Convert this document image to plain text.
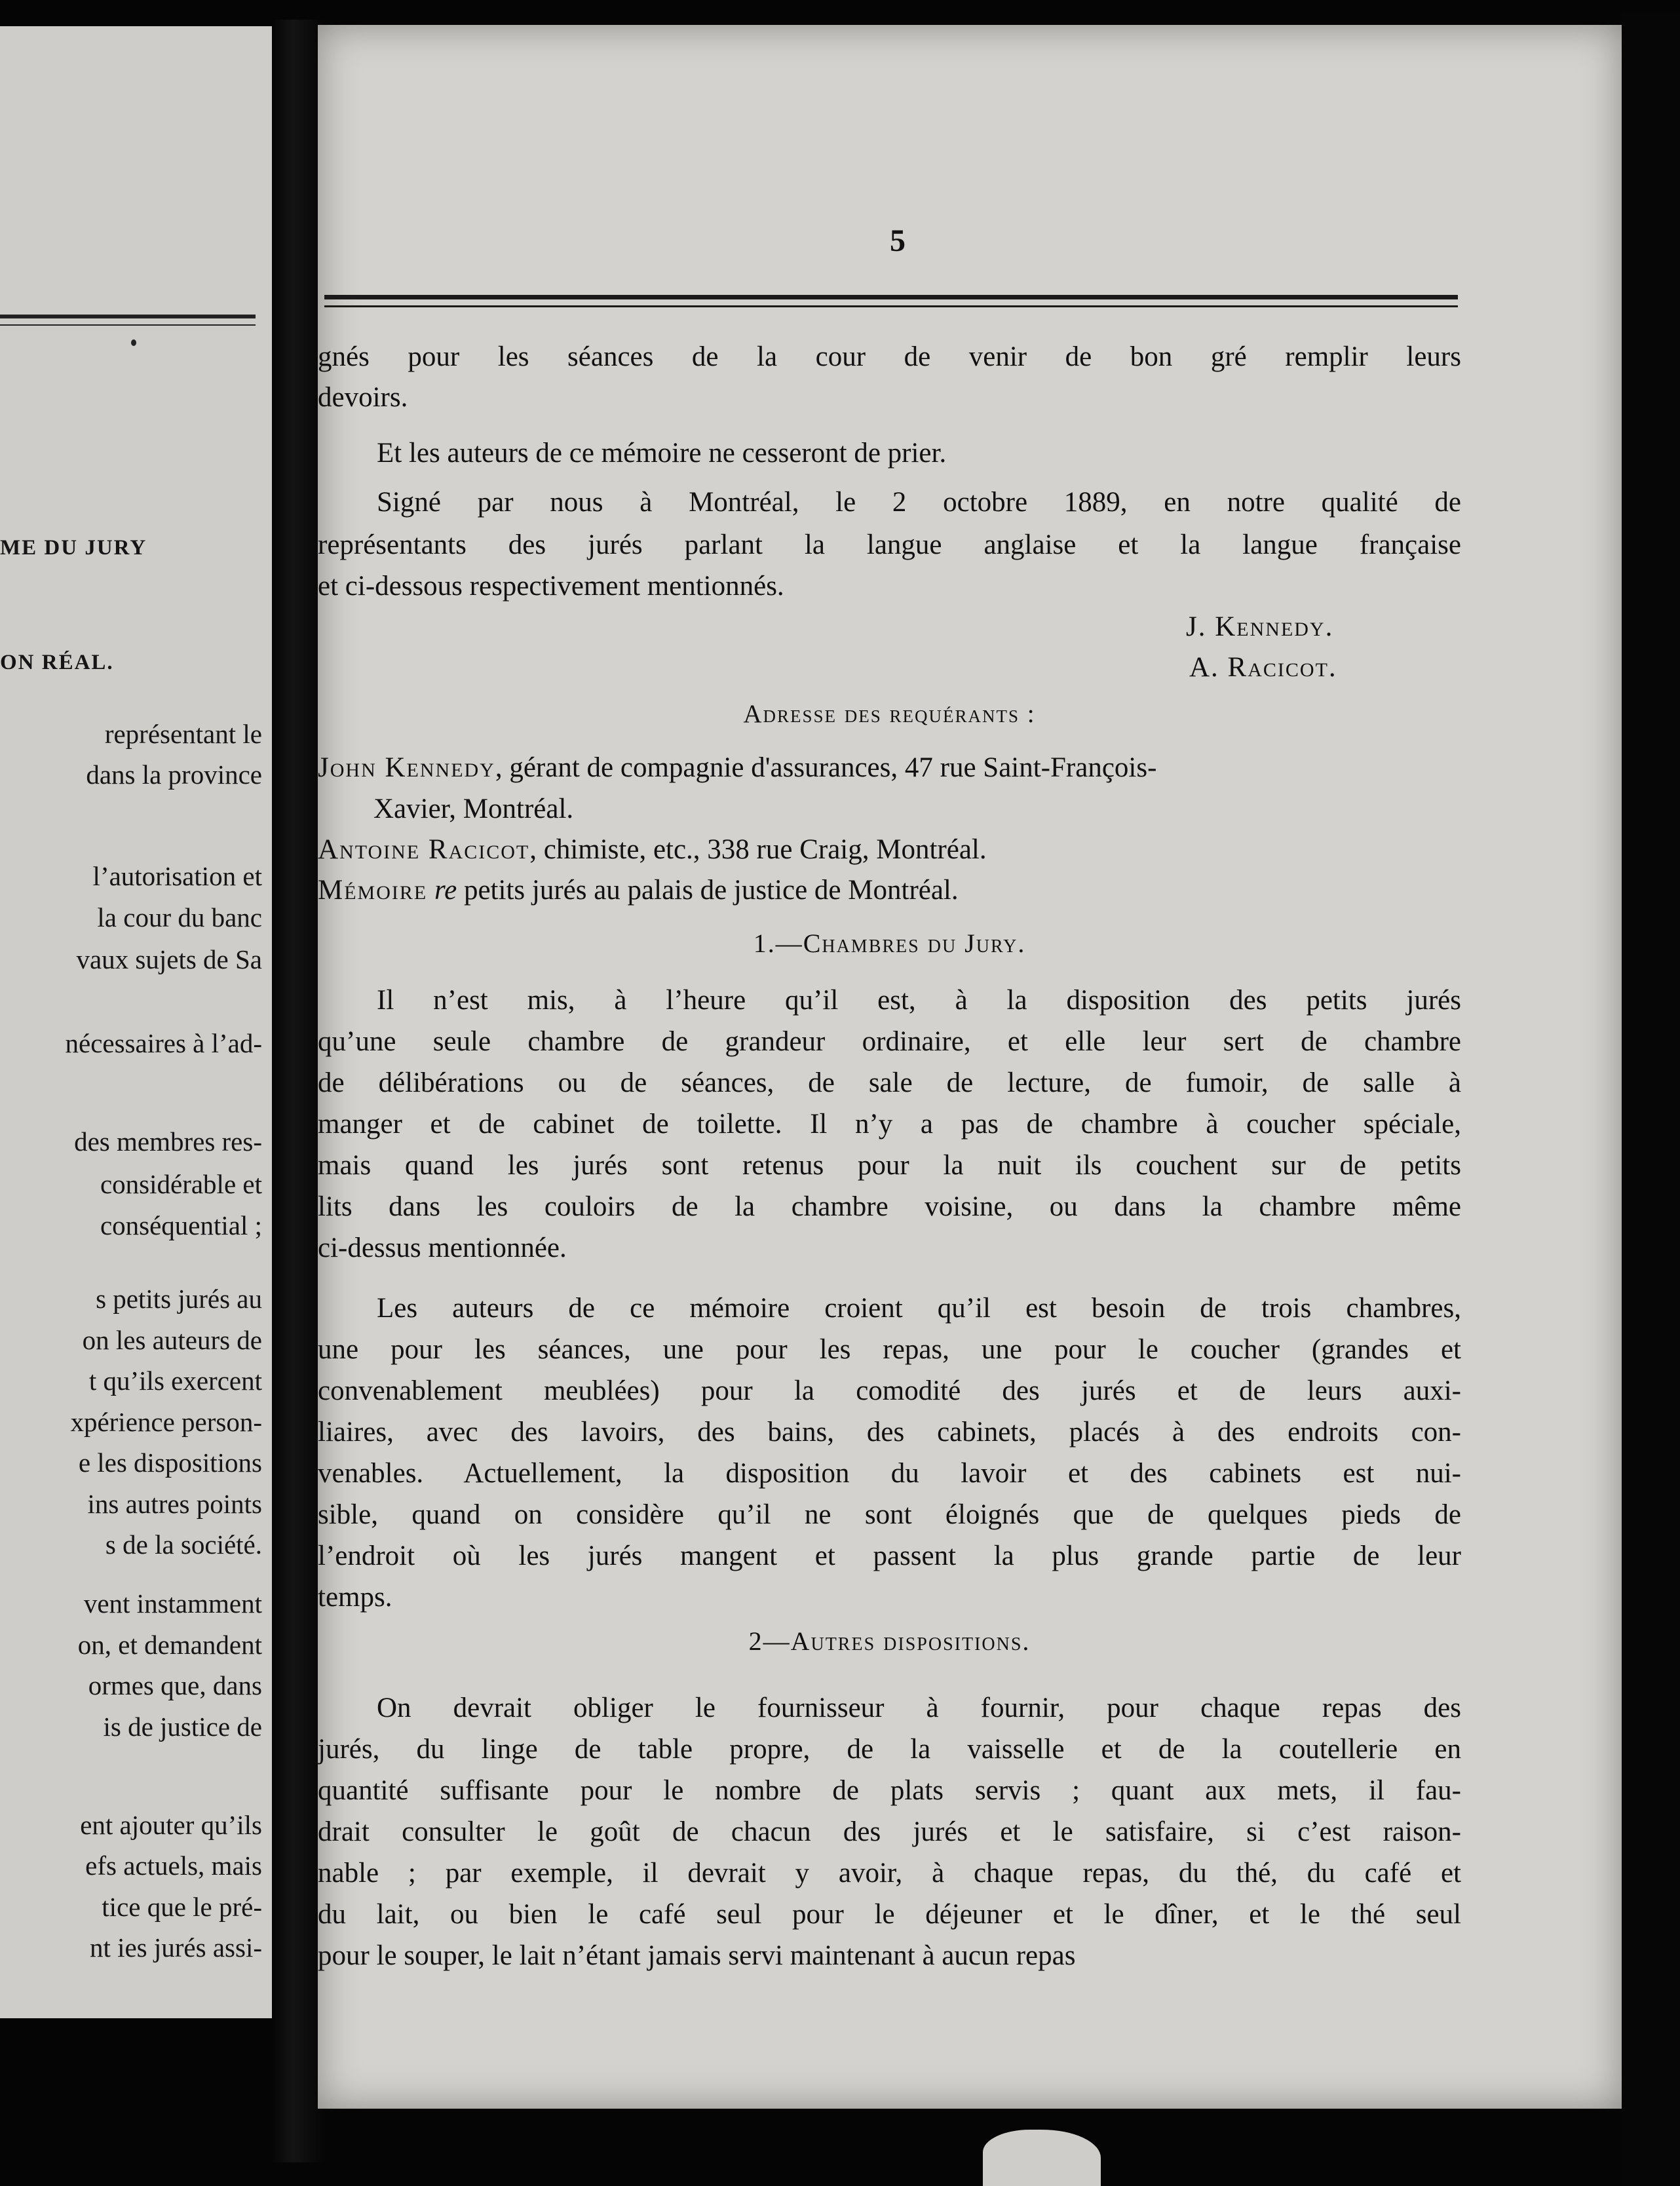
ME DU JURY
ON RÉAL.
représentant le
dans la province
l’autorisation et
la cour du banc
vaux sujets de Sa
nécessaires à l’ad-
des membres res-
considérable et
conséquential ;
s petits jurés au
on les auteurs de
t qu’ils exercent
xpérience person-
e les dispositions
ins autres points
s de la société.
vent instamment
on, et demandent
ormes que, dans
is de justice de
ent ajouter qu’ils
efs actuels, mais
tice que le pré-
nt ies jurés assi-
5
gnés pour les séances de la cour de venir de bon gré remplir leurs
devoirs.
Et les auteurs de ce mémoire ne cesseront de prier.
Signé par nous à Montréal, le 2 octobre 1889, en notre qualité de
représentants des jurés parlant la langue anglaise et la langue française
et ci-dessous respectivement mentionnés.
J. Kennedy.
A. Racicot.
Adresse des requérants :
John Kennedy, gérant de compagnie d'assurances, 47 rue Saint-François-
Xavier, Montréal.
Antoine Racicot, chimiste, etc., 338 rue Craig, Montréal.
Mémoire re petits jurés au palais de justice de Montréal.
1.—Chambres du Jury.
Il n’est mis, à l’heure qu’il est, à la disposition des petits jurés
qu’une seule chambre de grandeur ordinaire, et elle leur sert de chambre
de délibérations ou de séances, de sale de lecture, de fumoir, de salle à
manger et de cabinet de toilette. Il n’y a pas de chambre à coucher spéciale,
mais quand les jurés sont retenus pour la nuit ils couchent sur de petits
lits dans les couloirs de la chambre voisine, ou dans la chambre même
ci-dessus mentionnée.
Les auteurs de ce mémoire croient qu’il est besoin de trois chambres,
une pour les séances, une pour les repas, une pour le coucher (grandes et
convenablement meublées) pour la comodité des jurés et de leurs auxi-
liaires, avec des lavoirs, des bains, des cabinets, placés à des endroits con-
venables. Actuellement, la disposition du lavoir et des cabinets est nui-
sible, quand on considère qu’il ne sont éloignés que de quelques pieds de
l’endroit où les jurés mangent et passent la plus grande partie de leur
temps.
2—Autres dispositions.
On devrait obliger le fournisseur à fournir, pour chaque repas des
jurés, du linge de table propre, de la vaisselle et de la coutellerie en
quantité suffisante pour le nombre de plats servis ; quant aux mets, il fau-
drait consulter le goût de chacun des jurés et le satisfaire, si c’est raison-
nable ; par exemple, il devrait y avoir, à chaque repas, du thé, du café et
du lait, ou bien le café seul pour le déjeuner et le dîner, et le thé seul
pour le souper, le lait n’étant jamais servi maintenant à aucun repas
